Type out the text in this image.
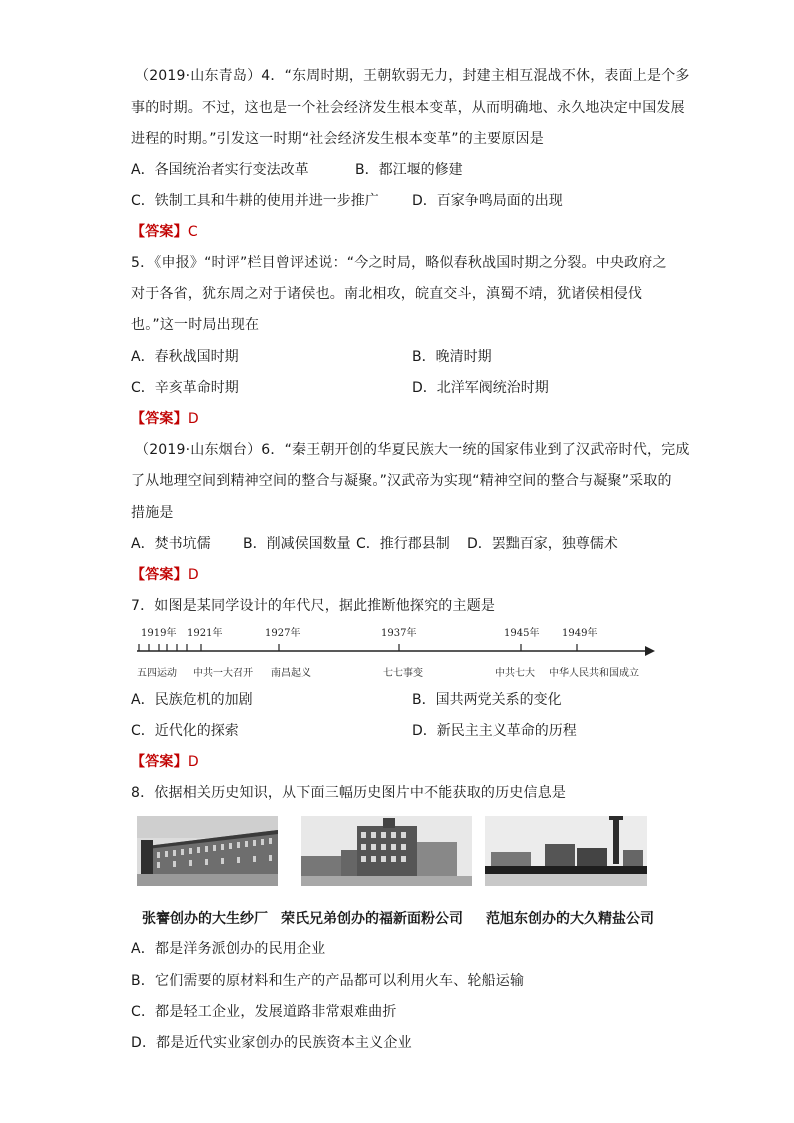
（2019·山东青岛）4．“东周时期，王朝软弱无力，封建主相互混战不休，表面上是个多
事的时期。不过，这也是一个社会经济发生根本变革，从而明确地、永久地决定中国发展
进程的时期。”引发这一时期“社会经济发生根本变革”的主要原因是
A．各国统治者实行变法改革	B．都江堰的修建
C．铁制工具和牛耕的使用并进一步推广 D．百家争鸣局面的出现
【答案】C
5．《申报》“时评”栏目曾评述说：“今之时局，略似春秋战国时期之分裂。中央政府之
对于各省，犹东周之对于诸侯也。南北相攻，皖直交斗，滇蜀不靖，犹诸侯相侵伐
也。”这一时局出现在
A．春秋战国时期	B．晚清时期
C．辛亥革命时期	D．北洋军阀统治时期
【答案】D
（2019·山东烟台）6．“秦王朝开创的华夏民族大一统的国家伟业到了汉武帝时代，完成
了从地理空间到精神空间的整合与凝聚。”汉武帝为实现“精神空间的整合与凝聚”采取的
措施是
A．焚书坑儒 B．削减侯国数量 C．推行郡县制 D．罢黜百家，独尊儒术
【答案】D
7．如图是某同学设计的年代尺，据此推断他探究的主题是
1919年 1921年	1927年	1937年	1945年 1949年
五四运动 中共一大召开 南昌起义	七七事变	中共七大 中华人民共和国成立
A．民族危机的加剧	B．国共两党关系的变化
C．近代化的探索	D．新民主主义革命的历程
【答案】D
8．依据相关历史知识，从下面三幅历史图片中不能获取的历史信息是
张謇创办的大生纱厂 荣氏兄弟创办的福新面粉公司 范旭东创办的大久精盐公司
A．都是洋务派创办的民用企业
B．它们需要的原材料和生产的产品都可以利用火车、轮船运输
C．都是轻工企业，发展道路非常艰难曲折
D．都是近代实业家创办的民族资本主义企业
